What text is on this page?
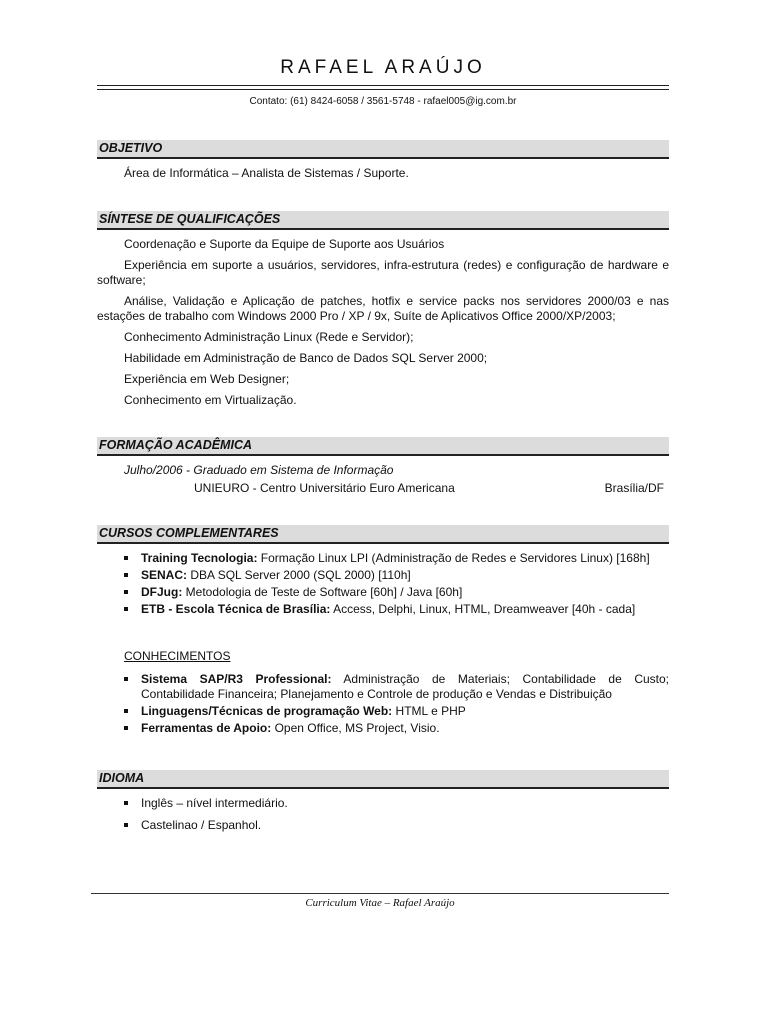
RAFAEL ARAÚJO
Contato: (61) 8424-6058 / 3561-5748 - rafael005@ig.com.br
OBJETIVO
Área de Informática – Analista de Sistemas / Suporte.
SÍNTESE DE QUALIFICAÇÕES
Coordenação e Suporte da Equipe de Suporte aos Usuários
Experiência em suporte a usuários, servidores, infra-estrutura (redes) e configuração de hardware e software;
Análise, Validação e Aplicação de patches, hotfix e service packs nos servidores 2000/03 e nas estações de trabalho com Windows 2000 Pro / XP / 9x, Suíte de Aplicativos Office 2000/XP/2003;
Conhecimento Administração Linux (Rede e Servidor);
Habilidade em Administração de Banco de Dados SQL Server 2000;
Experiência em Web Designer;
Conhecimento em Virtualização.
FORMAÇÃO ACADÊMICA
Julho/2006 - Graduado em Sistema de Informação
UNIEURO - Centro Universitário Euro Americana	Brasília/DF
CURSOS COMPLEMENTARES
Training Tecnologia: Formação Linux LPI (Administração de Redes e Servidores Linux) [168h]
SENAC: DBA SQL Server 2000 (SQL 2000) [110h]
DFJug: Metodologia de Teste de Software [60h] / Java [60h]
ETB - Escola Técnica de Brasília: Access, Delphi, Linux, HTML, Dreamweaver [40h - cada]
CONHECIMENTOS
Sistema SAP/R3 Professional: Administração de Materiais; Contabilidade de Custo; Contabilidade Financeira; Planejamento e Controle de produção e Vendas e Distribuição
Linguagens/Técnicas de programação Web: HTML e PHP
Ferramentas de Apoio: Open Office, MS Project, Visio.
IDIOMA
Inglês – nível intermediário.
Castelinao / Espanhol.
Curriculum Vitae – Rafael Araújo
